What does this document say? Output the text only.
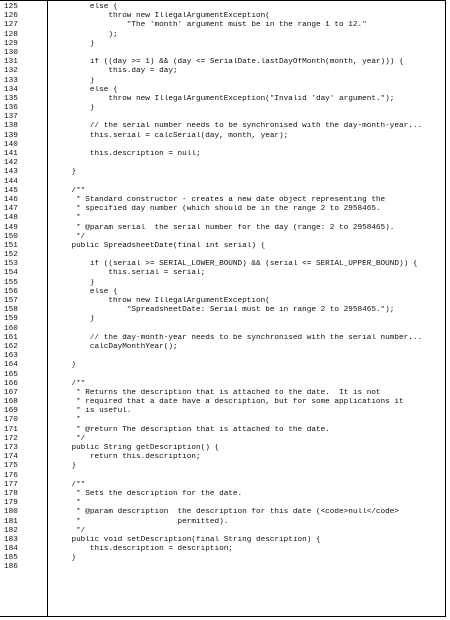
125	else {
126	throw new IllegalArgumentException(
127	"The 'month' argument must be in the range 1 to 12."
128	);
129	}
130
131	if ((day >= 1) && (day <= SerialDate.lastDayOfMonth(month, year))) {
132	this.day = day;
133	}
134	else {
135	throw new IllegalArgumentException("Invalid 'day' argument.");
136	}
137
138	// the serial number needs to be synchronised with the day-month-year...
139	this.serial = calcSerial(day, month, year);
140
141	this.description = null;
142
143	}
144
145	/**
146	* Standard constructor - creates a new date object representing the
147	* specified day number (which should be in the range 2 to 2958465.
148	*
149	* @param serial  the serial number for the day (range: 2 to 2958465).
150	*/
151	public SpreadsheetDate(final int serial) {
152
153	if ((serial >= SERIAL_LOWER_BOUND) && (serial <= SERIAL_UPPER_BOUND)) {
154	this.serial = serial;
155	}
156	else {
157	throw new IllegalArgumentException(
158	"SpreadsheetDate: Serial must be in range 2 to 2958465.");
159	}
160
161	// the day-month-year needs to be synchronised with the serial number...
162	calcDayMonthYear();
163
164	}
165
166	/**
167	* Returns the description that is attached to the date.  It is not
168	* required that a date have a description, but for some applications it
169	* is useful.
170	*
171	* @return The description that is attached to the date.
172	*/
173	public String getDescription() {
174	return this.description;
175	}
176
177	/**
178	* Sets the description for the date.
179	*
180	* @param description  the description for this date (<code>null</code>
181	*                     permitted).
182	*/
183	public void setDescription(final String description) {
184	this.description = description;
185	}
186
